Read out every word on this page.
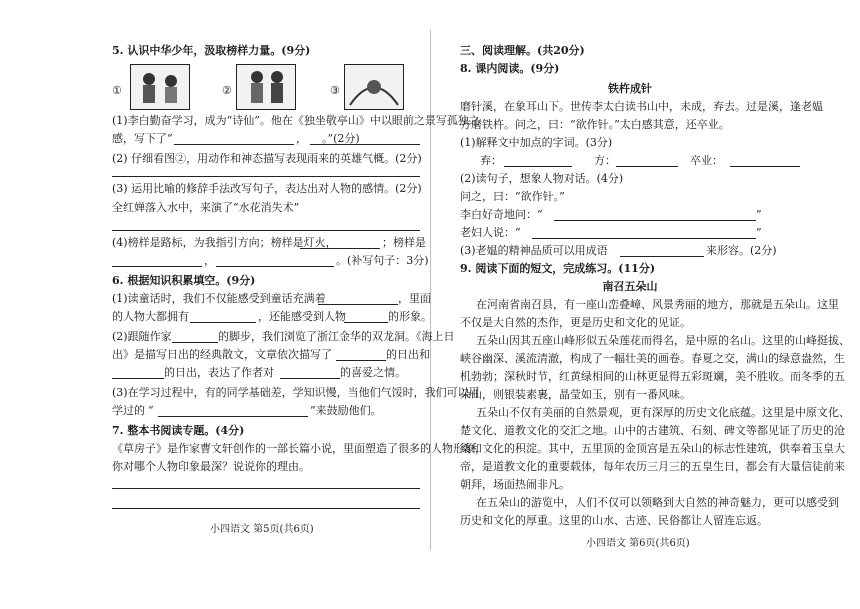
5. 认识中华少年，汲取榜样力量。(9分)
①	②	③
(1)李白勤奋学习，成为“诗仙”。他在《独坐敬亭山》中以眼前之景写孤独之
感，写下了“	， 。”(2分)
(2) 仔细看图②，用动作和神态描写表现雨来的英雄气概。(2分)
(3) 运用比喻的修辞手法改写句子，表达出对人物的感情。(2分)
全红婵落入水中，来演了“水花消失术”
(4)榜样是路标，为我指引方向；榜样是灯火，	；榜样是
，	。(补写句子：3分)
6. 根据知识积累填空。(9分)
(1)读童话时，我们不仅能感受到童话充满着	，里面
的人物大都拥有	，还能感受到人物	的形象。
(2)跟随作家	的脚步，我们浏览了浙江金华的双龙洞。《海上日
出》是描写日出的经典散文，文章依次描写了	的日出和
的日出，表达了作者对	的喜爱之情。
(3)在学习过程中，有的同学基础差，学知识慢，当他们气馁时，我们可以用
学过的 “	”来鼓励他们。
7. 整本书阅读专题。(4分)
《草房子》是作家曹文轩创作的一部长篇小说，里面塑造了很多的人物形象，
你对哪个人物印象最深？说说你的理由。
小四语文 第5页(共6页)
三、阅读理解。(共20分)
8. 课内阅读。(9分)
铁杵成针
磨针溪，在象耳山下。世传李太白读书山中，未成，弃去。过是溪，逢老媪
方磨铁杵。问之，曰：“欲作针。”太白感其意，还卒业。
(1)解释文中加点的字词。(3分)
弃：	方：	卒业：
(2)读句子，想象人物对话。(4分)
问之，曰：“欲作针。”
李白好奇地问：“	”
老妇人说：“	”
(3)老媪的精神品质可以用成语	来形容。(2分)
9. 阅读下面的短文，完成练习。(11分)
南召五朵山
在河南省南召县，有一座山峦叠嶂、风景秀丽的地方，那就是五朵山。这里
不仅是大自然的杰作，更是历史和文化的见证。
五朵山因其五座山峰形似五朵莲花而得名，是中原的名山。这里的山峰挺拔、
峡谷幽深、溪流清澈，构成了一幅壮美的画卷。春夏之交，满山的绿意盎然，生
机勃勃；深秋时节，红黄绿相间的山林更显得五彩斑斓，美不胜收。而冬季的五
朵山，则银装素裹，晶莹如玉，别有一番风味。
五朵山不仅有美丽的自然景观，更有深厚的历史文化底蕴。这里是中原文化、
楚文化、道教文化的交汇之地。山中的古建筑、石刻、碑文等都见证了历史的沧
桑和文化的积淀。其中，五里顶的金顶宫是五朵山的标志性建筑，供奉着玉皇大
帝，是道教文化的重要载体，每年农历三月三的五皇生日，都会有大量信徒前来
朝拜，场面热闹非凡。
在五朵山的游览中，人们不仅可以领略到大自然的神奇魅力，更可以感受到
历史和文化的厚重。这里的山水、古迹、民俗都让人留连忘返。
小四语文 第6页(共6页)
